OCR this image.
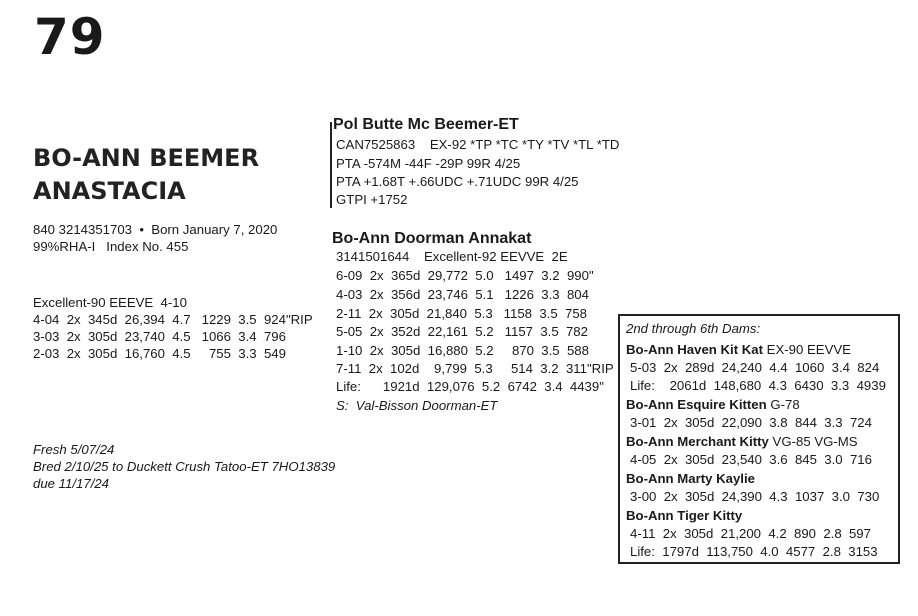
79
BO-ANN BEEMER
ANASTACIA
840 3214351703  •  Born January 7, 2020
99%RHA-I   Index No. 455
Excellent-90 EEEVE  4-10
4-04  2x  345d  26,394  4.7   1229  3.5  924"RIP
3-03  2x  305d  23,740  4.5   1066  3.4  796
2-03  2x  305d  16,760  4.5     755  3.3  549
Fresh 5/07/24
Bred 2/10/25 to Duckett Crush Tatoo-ET 7HO13839
due 11/17/24
Pol Butte Mc Beemer-ET
CAN7525863    EX-92 *TP *TC *TY *TV *TL *TD
PTA -574M -44F -29P 99R 4/25
PTA +1.68T +.66UDC +.71UDC 99R 4/25
GTPI +1752
Bo-Ann Doorman Annakat
3141501644    Excellent-92 EEVVE  2E
6-09  2x  365d  29,772  5.0   1497  3.2  990"
4-03  2x  356d  23,746  5.1   1226  3.3  804
2-11  2x  305d  21,840  5.3   1158  3.5  758
5-05  2x  352d  22,161  5.2   1157  3.5  782
1-10  2x  305d  16,880  5.2     870  3.5  588
7-11  2x  102d    9,799  5.3     514  3.2  311"RIP
Life:      1921d  129,076  5.2  6742  3.4  4439"
S:  Val-Bisson Doorman-ET
2nd through 6th Dams:
Bo-Ann Haven Kit Kat EX-90 EEVVE
5-03  2x  289d  24,240  4.4  1060  3.4  824
Life:    2061d  148,680  4.3  6430  3.3  4939
Bo-Ann Esquire Kitten G-78
3-01  2x  305d  22,090  3.8  844  3.3  724
Bo-Ann Merchant Kitty VG-85 VG-MS
4-05  2x  305d  23,540  3.6  845  3.0  716
Bo-Ann Marty Kaylie
3-00  2x  305d  24,390  4.3  1037  3.0  730
Bo-Ann Tiger Kitty
4-11  2x  305d  21,200  4.2  890  2.8  597
Life:  1797d  113,750  4.0  4577  2.8  3153
